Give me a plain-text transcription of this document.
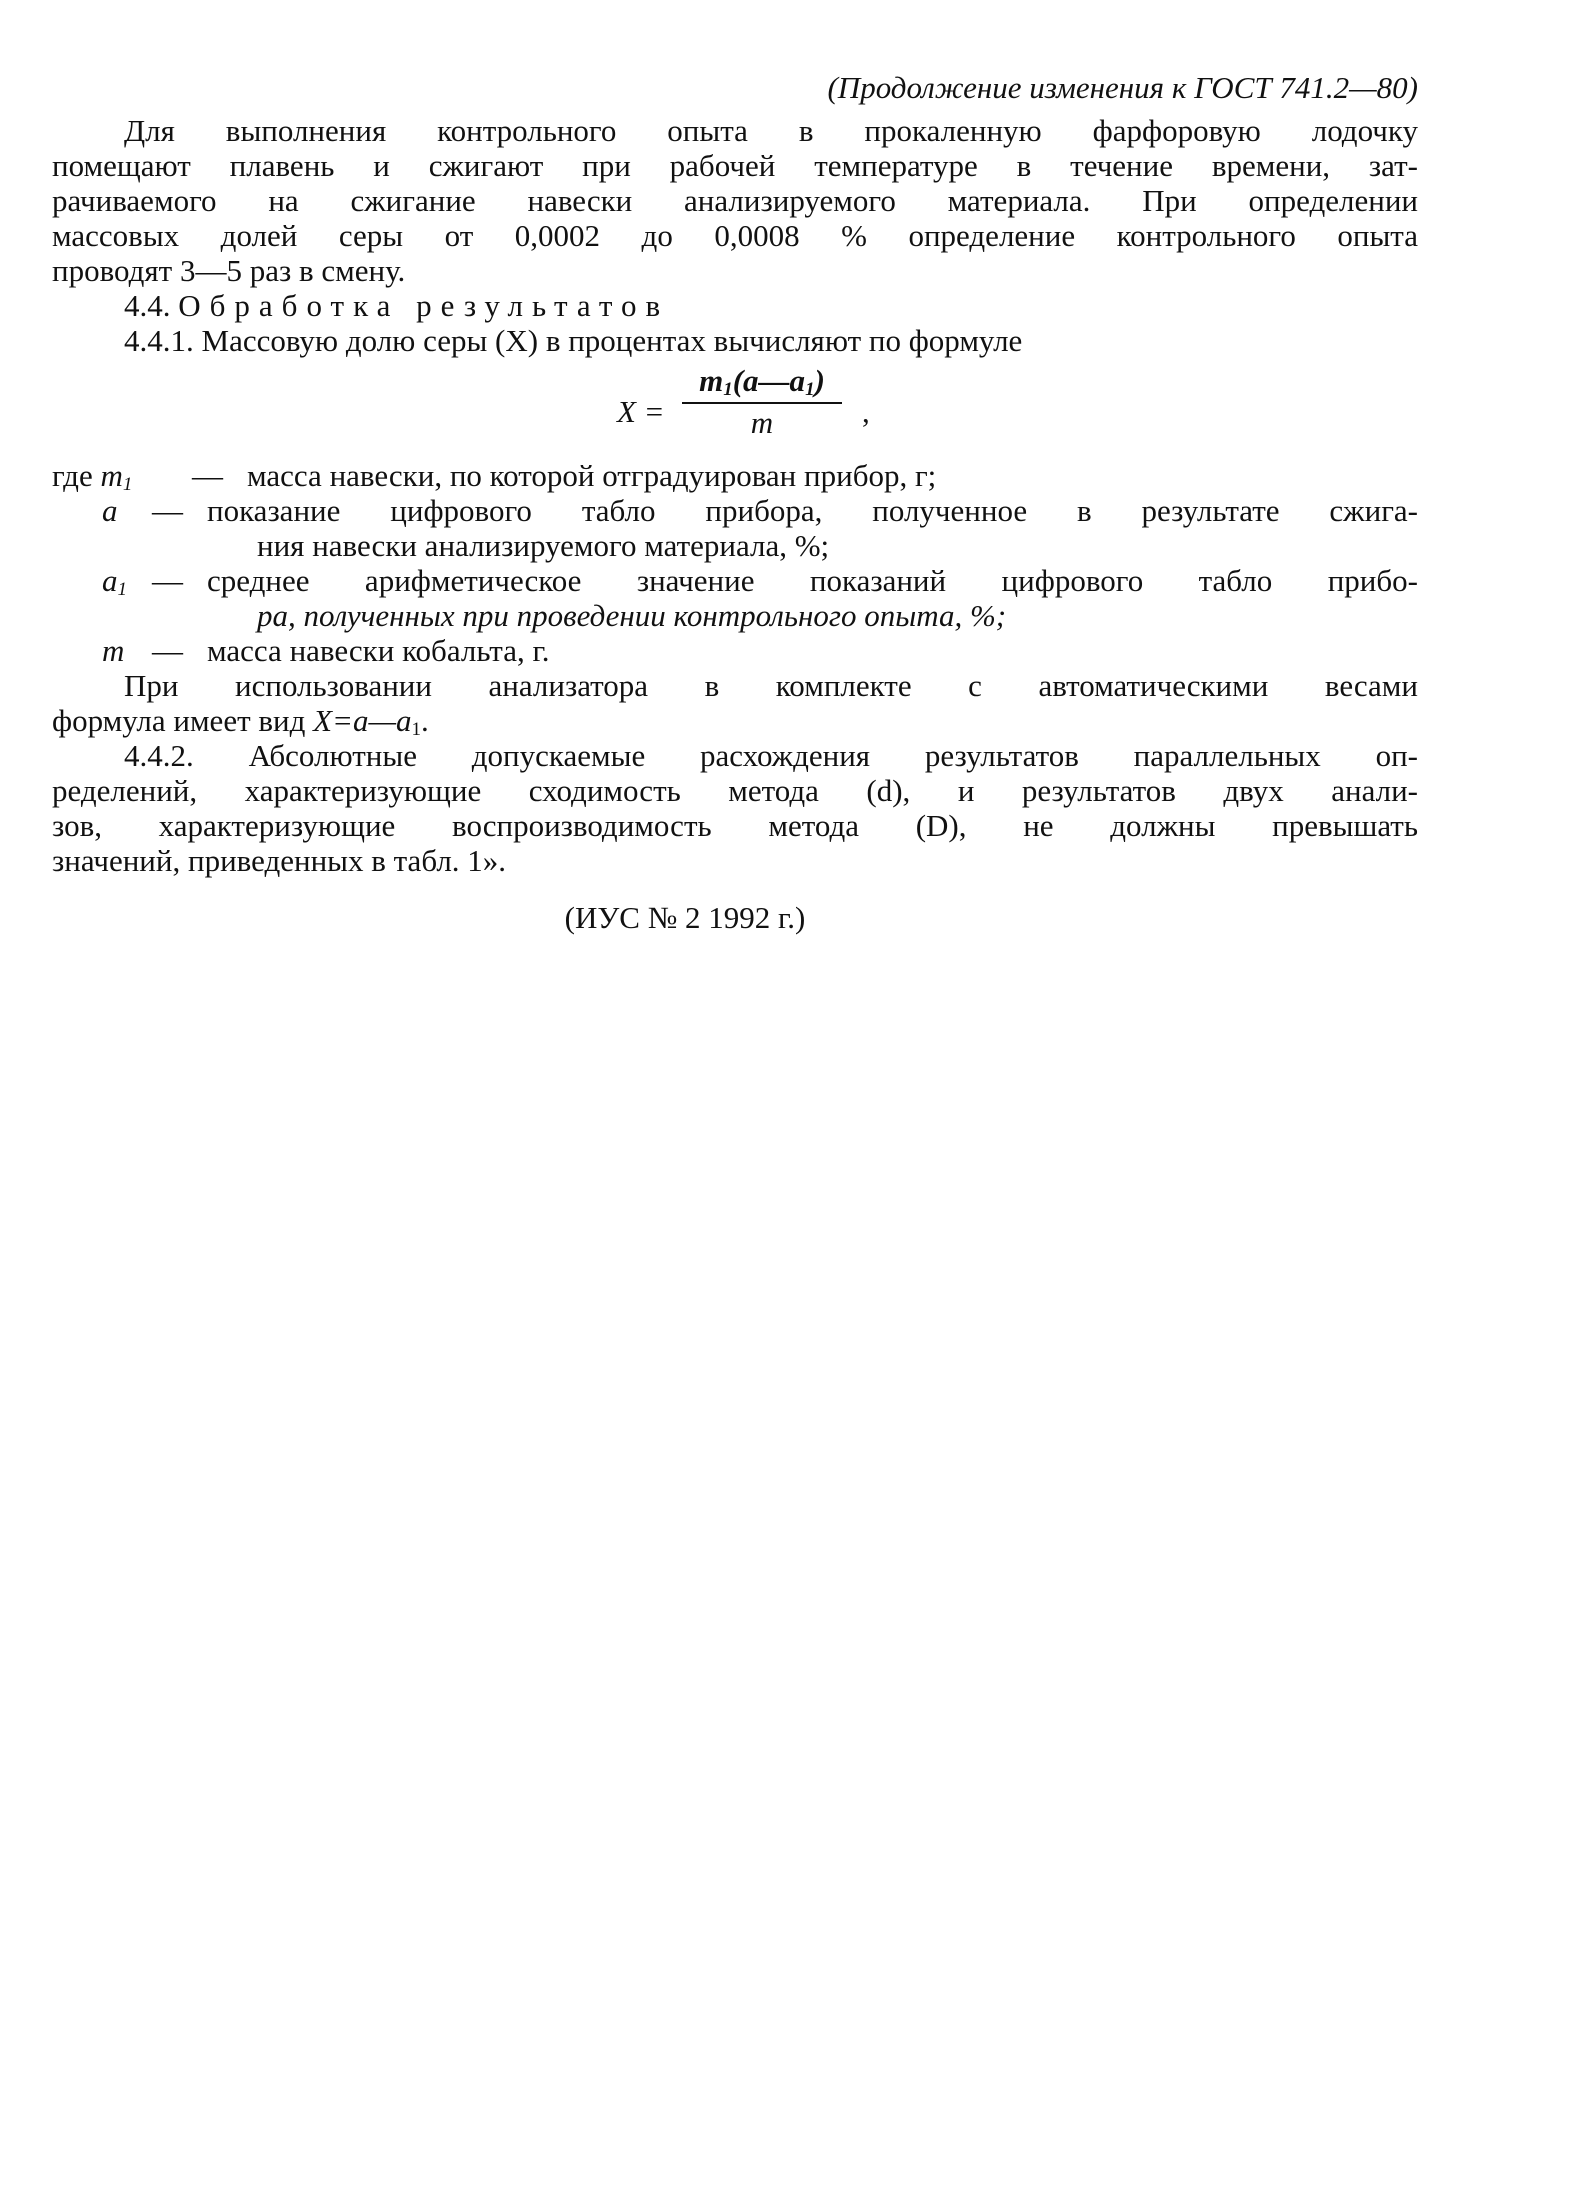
(Продолжение изменения к ГОСТ 741.2—80)
Для выполнения контрольного опыта в прокаленную фарфоровую лодочку
помещают плавень и сжигают при рабочей температуре в течение времени, зат-
рачиваемого на сжигание навески анализируемого материала. При определении
массовых долей серы от 0,0002 до 0,0008 % определение контрольного опыта
проводят 3—5 раз в смену.
4.4. Обработка результатов
4.4.1. Массовую долю серы (X) в процентах вычисляют по формуле
X =
$m_1(a—a_1)$
m	,
где $m_1$	— масса навески, по которой отградуирован прибор, г;
a	— показание цифрового табло прибора, полученное в результате сжига-
ния навески анализируемого материала, %;
$a_1$ — среднее арифметическое значение показаний цифрового табло прибо-
ра, полученных при проведении контрольного опыта, %;
m — масса навески кобальта, г.
При использовании анализатора в комплекте с автоматическими весами
формула имеет вид $X=a—a_1$.
4.4.2. Абсолютные допускаемые расхождения результатов параллельных оп-
ределений, характеризующие сходимость метода (d), и результатов двух анали-
зов, характеризующие воспроизводимость метода (D), не должны превышать
значений, приведенных в табл. 1».
(ИУС № 2 1992 г.)
